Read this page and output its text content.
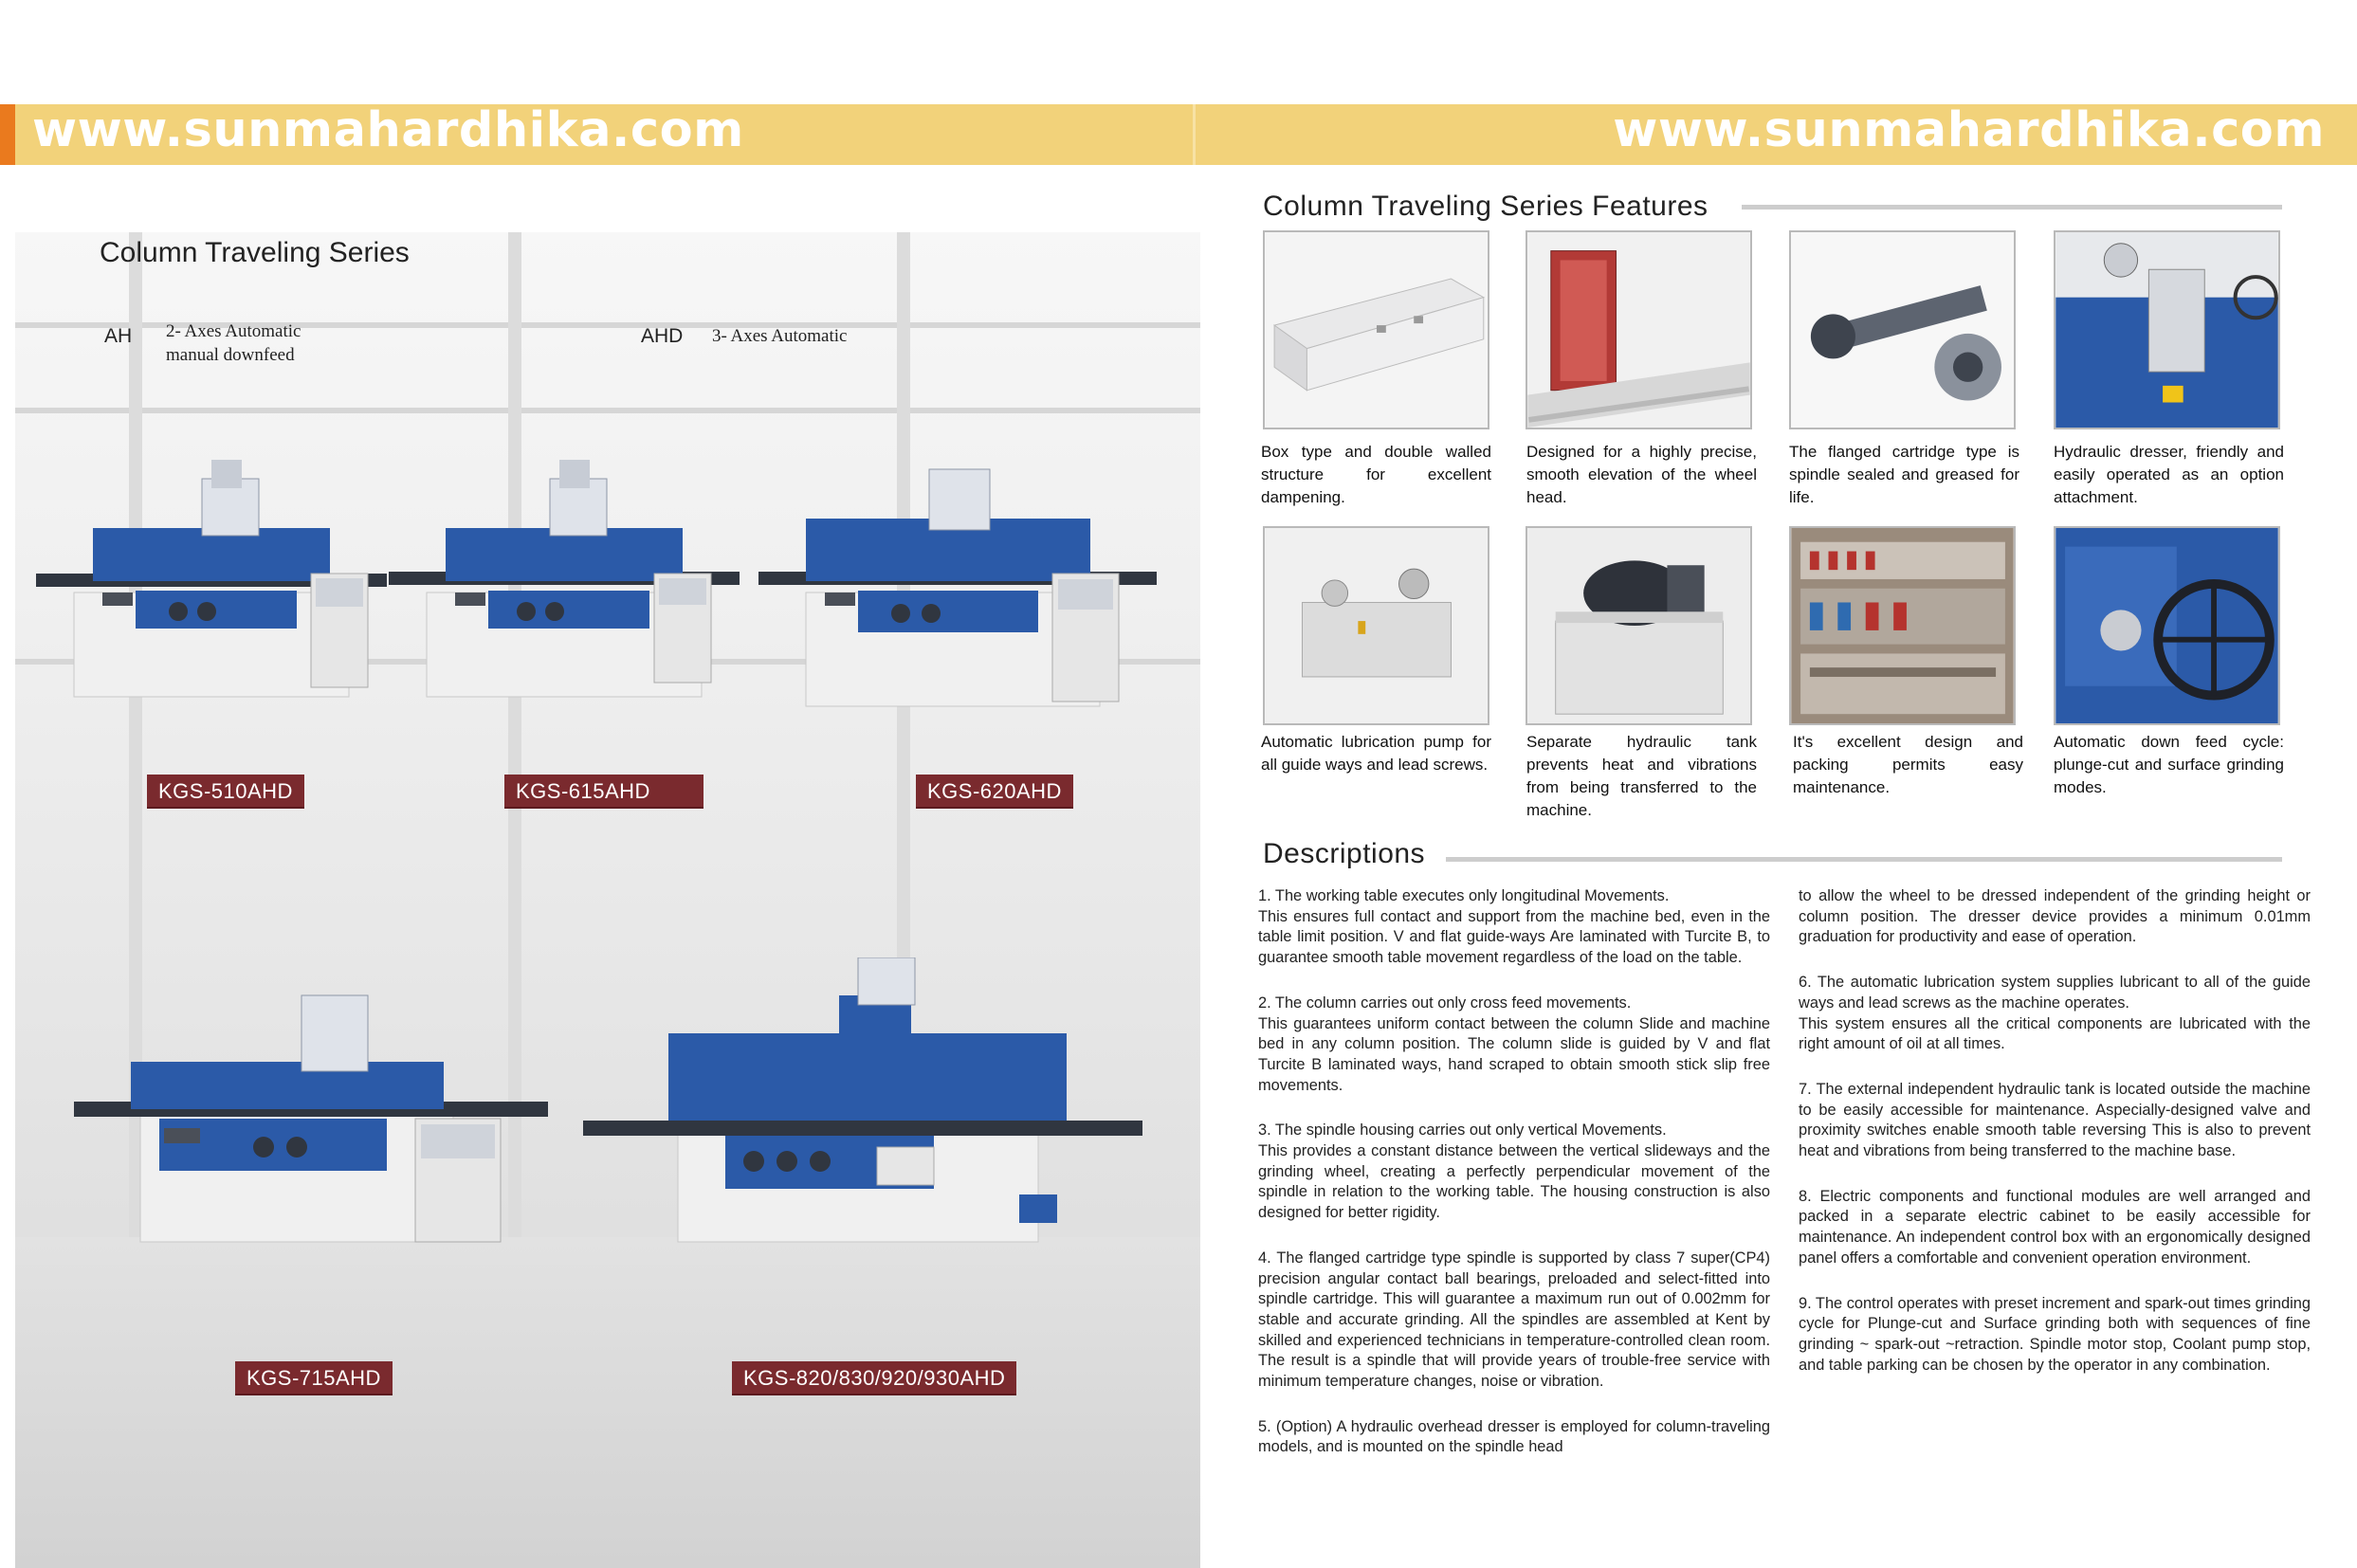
www.sunmahardhika.com	www.sunmahardhika.com
Column Traveling Series
AH 2- Axes Automatic
manual downfeed
AHD 3- Axes Automatic
KGS-510AHD	KGS-615AHD	KGS-620AHD
KGS-715AHD	KGS-820/830/920/930AHD
Column Traveling Series Features
Box type and double walled structure for excellent dampening.
Designed for a highly precise, smooth elevation of the wheel head.
The flanged cartridge type is spindle sealed and greased for life.
Hydraulic dresser, friendly and easily operated as an option attachment.
Automatic lubrication pump for all guide ways and lead screws.
Separate hydraulic tank prevents heat and vibrations from being transferred to the machine.
It's excellent design and packing permits easy maintenance.
Automatic down feed cycle: plunge-cut and surface grinding modes.
Descriptions

1. The working table executes only longitudinal Movements.

This ensures full contact and support from the machine bed, even in the table limit position. V and flat guide-ways Are laminated with Turcite B, to guarantee smooth table movement regardless of the load on the table.

2. The column carries out only cross feed movements.

This guarantees uniform contact between the column Slide and machine bed in any column position. The column slide is guided by V and flat Turcite B laminated ways, hand scraped to obtain smooth stick slip free movements.

3. The spindle housing carries out only vertical Movements.

This provides a constant distance between the vertical slideways and the grinding wheel, creating a perfectly perpendicular movement of the spindle in relation to the working table. The housing construction is also designed for better rigidity.

4. The flanged cartridge type spindle is supported by class 7 super(CP4) precision angular contact ball bearings, preloaded and select-fitted into spindle cartridge. This will guarantee a maximum run out of 0.002mm for stable and accurate grinding. All the spindles are assembled at Kent by skilled and experienced technicians in temperature-controlled clean room. The result is a spindle that will provide years of trouble-free service with minimum temperature changes, noise or vibration.

5. (Option) A hydraulic overhead dresser is employed for column-traveling models, and is mounted on the spindle head

to allow the wheel to be dressed independent of the grinding height or column position. The dresser device provides a minimum 0.01mm graduation for productivity and ease of operation.

6. The automatic lubrication system supplies lubricant to all of the guide ways and lead screws as the machine operates.

This system ensures all the critical components are lubricated with the right amount of oil at all times.

7. The external independent hydraulic tank is located outside the machine to be easily accessible for maintenance. Aspecially-designed valve and proximity switches enable smooth table reversing This is also to prevent heat and vibrations from being transferred to the machine base.

8. Electric components and functional modules are well arranged and packed in a separate electric cabinet to be easily accessible for maintenance. An independent control box with an ergonomically designed panel offers a comfortable and convenient operation environment.

9. The control operates with preset increment and spark-out times grinding cycle for Plunge-cut and Surface grinding both with sequences of fine grinding ~ spark-out ~retraction. Spindle motor stop, Coolant pump stop, and table parking can be chosen by the operator in any combination.
